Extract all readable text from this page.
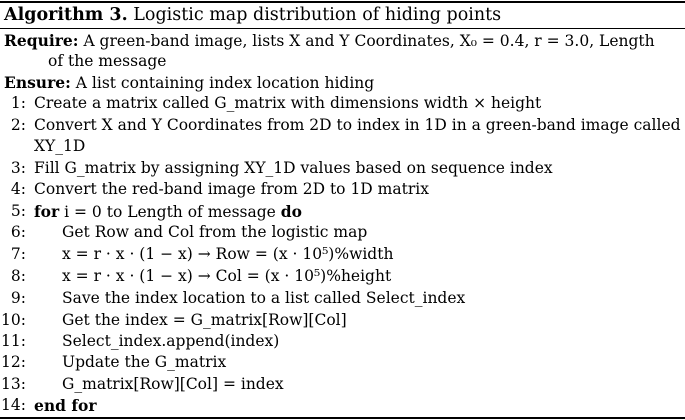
Algorithm 3. Logistic map distribution of hiding points
Require: A green-band image, lists X and Y Coordinates, X₀ = 0.4, r = 3.0, Length
of the message
Ensure: A list containing index location hiding
1: Create a matrix called G_matrix with dimensions width × height
2: Convert X and Y Coordinates from 2D to index in 1D in a green-band image called
XY_1D
3: Fill G_matrix by assigning XY_1D values based on sequence index
4: Convert the red-band image from 2D to 1D matrix
5: for i = 0 to Length of message do
6: Get Row and Col from the logistic map
7: x = r · x · (1 − x) → Row = (x · 10⁵)%width
8: x = r · x · (1 − x) → Col = (x · 10⁵)%height
9: Save the index location to a list called Select_index
10: Get the index = G_matrix[Row][Col]
11: Select_index.append(index)
12: Update the G_matrix
13: G_matrix[Row][Col] = index
14: end for
